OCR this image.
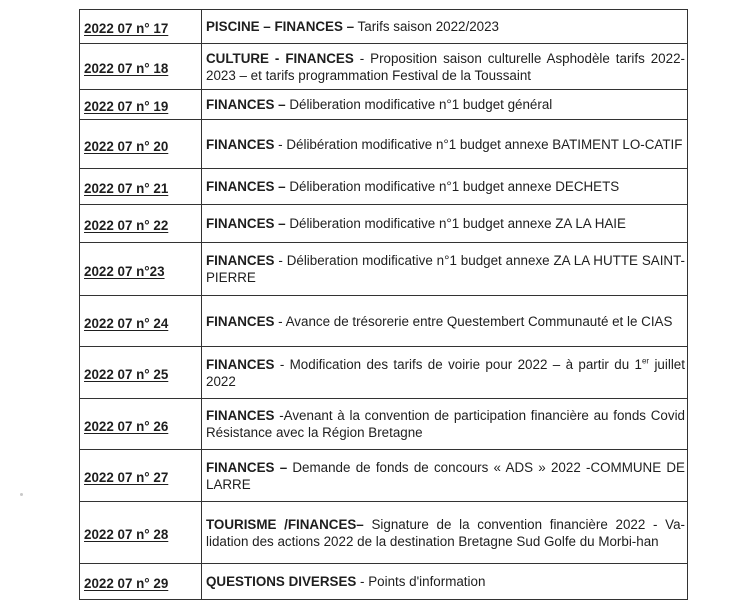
2022 07 n° 17	PISCINE – FINANCES – Tarifs saison 2022/2023
2022 07 n° 18	CULTURE - FINANCES - Proposition saison culturelle Asphodèle tarifs 2022-2023 – et tarifs programmation Festival de la Toussaint
2022 07 n° 19	FINANCES – Déliberation modificative n°1 budget général
2022 07 n° 20	FINANCES - Délibération modificative n°1 budget annexe BATIMENT LO-CATIF
2022 07 n° 21	FINANCES – Déliberation modificative n°1 budget annexe DECHETS
2022 07 n° 22	FINANCES – Déliberation modificative n°1 budget annexe ZA LA HAIE
2022 07 n°23	FINANCES - Déliberation modificative n°1 budget annexe ZA LA HUTTE SAINT-PIERRE
2022 07 n° 24	FINANCES - Avance de trésorerie entre Questembert Communauté et le CIAS
2022 07 n° 25	FINANCES - Modification des tarifs de voirie pour 2022 – à partir du 1er juillet 2022
2022 07 n° 26	FINANCES -Avenant à la convention de participation financière au fonds Covid Résistance avec la Région Bretagne
2022 07 n° 27	FINANCES – Demande de fonds de concours « ADS » 2022 -COMMUNE DE LARRE
2022 07 n° 28	TOURISME /FINANCES– Signature de la convention financière 2022 - Va-lidation des actions 2022 de la destination Bretagne Sud Golfe du Morbi-han
2022 07 n° 29	QUESTIONS DIVERSES - Points d'information
